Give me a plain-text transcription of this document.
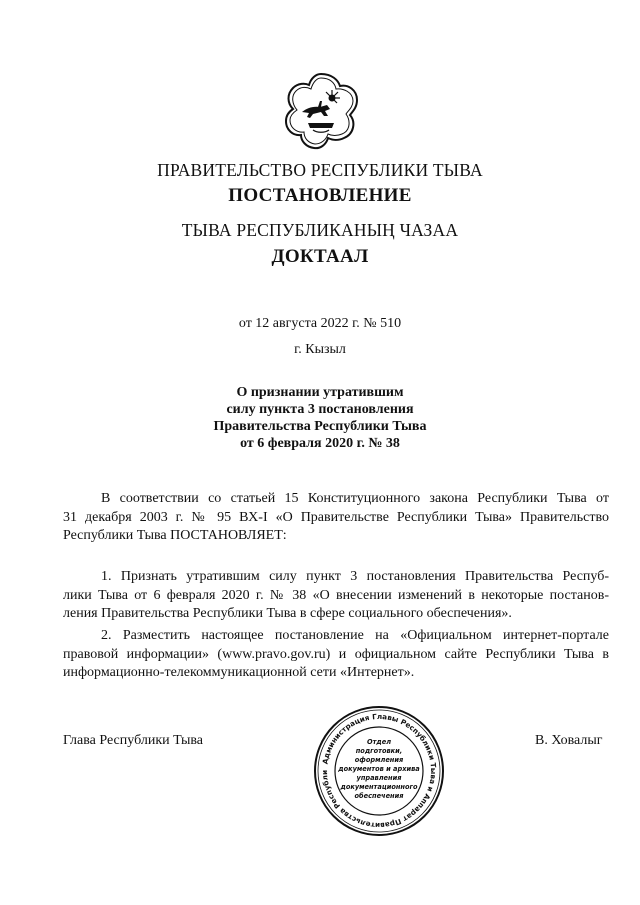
ПРАВИТЕЛЬСТВО РЕСПУБЛИКИ ТЫВА
ПОСТАНОВЛЕНИЕ
ТЫВА РЕСПУБЛИКАНЫҢ ЧАЗАА
ДОКТААЛ
от 12 августа 2022 г. № 510
г. Кызыл
О признании утратившим
силу пункта 3 постановления
Правительства Республики Тыва
от 6 февраля 2020 г. № 38
В соответствии со статьей 15 Конституционного закона Республики Тыва от
31 декабря 2003 г. № 95 ВХ-I «О Правительстве Республики Тыва» Правительство
Республики Тыва ПОСТАНОВЛЯЕТ:
1. Признать утратившим силу пункт 3 постановления Правительства Респуб-
лики Тыва от 6 февраля 2020 г. № 38 «О внесении изменений в некоторые постанов-
ления Правительства Республики Тыва в сфере социального обеспечения».
2. Разместить настоящее постановление на «Официальном интернет-портале
правовой информации» (www.pravo.gov.ru) и официальном сайте Республики Тыва в
информационно-телекоммуникационной сети «Интернет».
Администрация Главы Республики Тыва и Аппарат Правительства Республи
Отдел
подготовки,
оформления
документов и архива
управления
документационного
обеспечения
Глава Республики Тыва	В. Ховалыг
